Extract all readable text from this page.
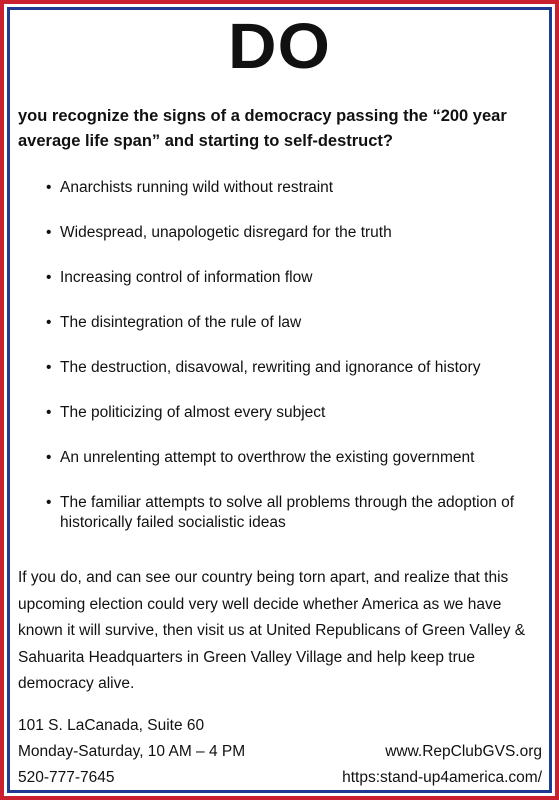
DO
you recognize the signs of a democracy passing the “200 year average life span” and starting to self-destruct?
• Anarchists running wild without restraint
• Widespread, unapologetic disregard for the truth
• Increasing control of information flow
• The disintegration of the rule of law
• The destruction, disavowal, rewriting and ignorance of history
• The politicizing of almost every subject
• An unrelenting attempt to overthrow the existing government
• The familiar attempts to solve all problems through the adoption of historically failed socialistic ideas
If you do, and can see our country being torn apart, and realize that this upcoming election could very well decide whether America as we have known it will survive, then visit us at United Republicans of Green Valley & Sahuarita Headquarters in Green Valley Village and help keep true democracy alive.
101 S. LaCanada, Suite 60
Monday-Saturday, 10 AM – 4 PM
520-777-7645
www.RepClubGVS.org
https:stand-up4america.com/
